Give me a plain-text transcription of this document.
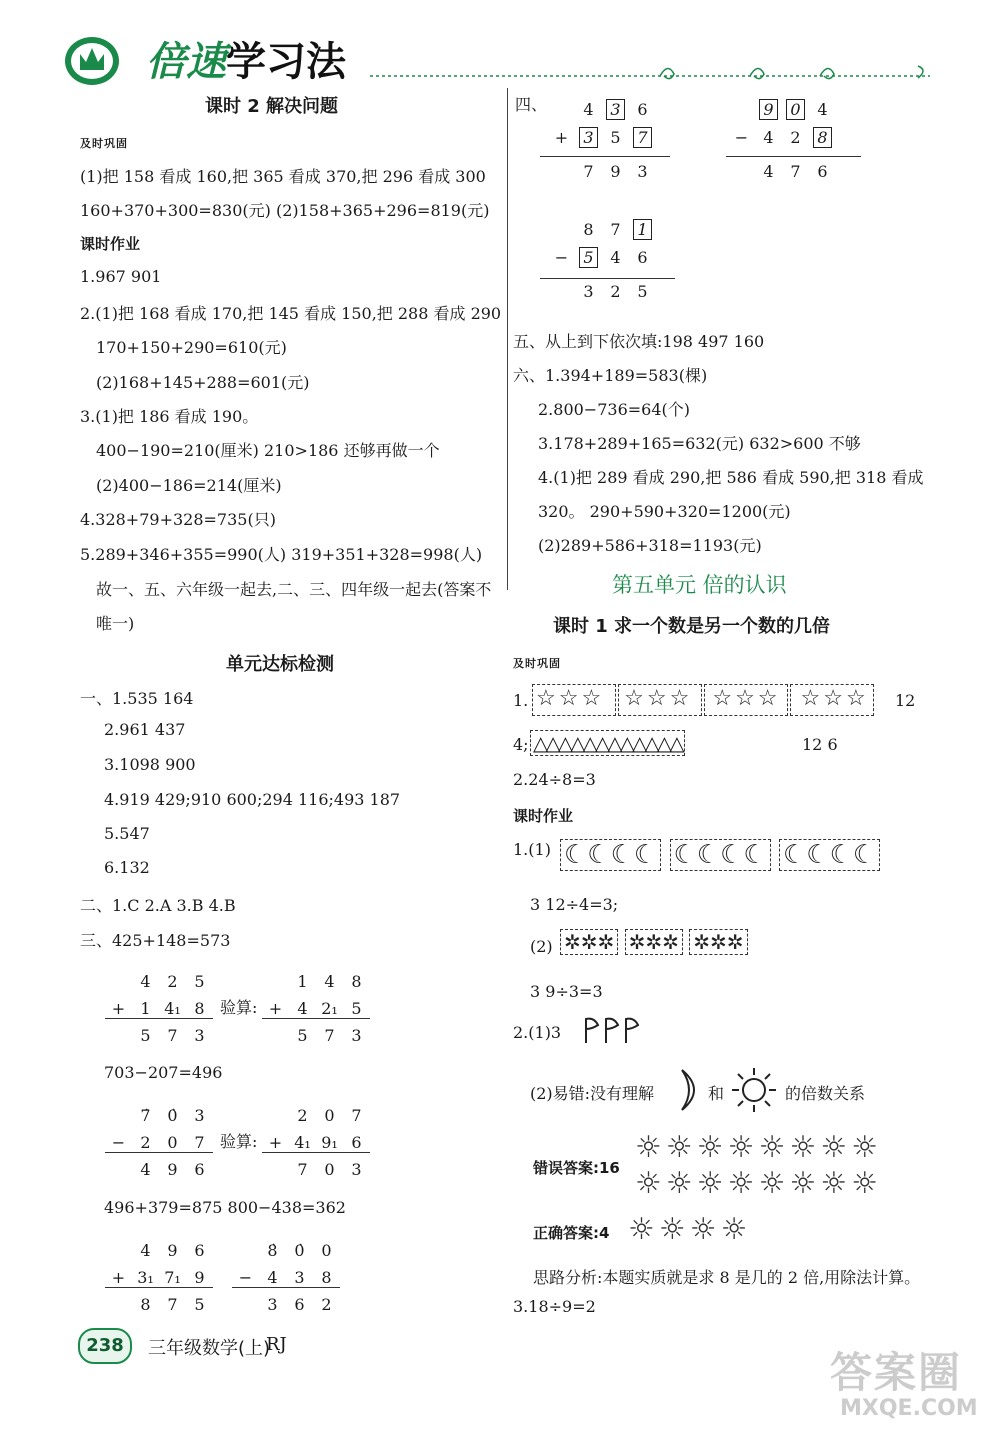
倍速学习法
课时 2 解决问题
及时巩固
(1)把 158 看成 160,把 365 看成 370,把 296 看成 300
160+370+300=830(元) (2)158+365+296=819(元)
课时作业
1.967 901
2.(1)把 168 看成 170,把 145 看成 150,把 288 看成 290
170+150+290=610(元)
(2)168+145+288=601(元)
3.(1)把 186 看成 190。
400−190=210(厘米) 210>186 还够再做一个
(2)400−186=214(厘米)
4.328+79+328=735(只)
5.289+346+355=990(人) 319+351+328=998(人)
故一、五、六年级一起去,二、三、四年级一起去(答案不
唯一)
单元达标检测
一、1.535 164
2.961 437
3.1098 900
4.919 429;910 600;294 116;493 187
5.547
6.132
二、1.C 2.A 3.B 4.B
三、425+148=573
4 2 5
+ 1 4₁ 8
5 7 3
验算:
1 4 8
+ 4 2₁ 5
5 7 3
703−207=496
7̇ 0̇ 3
− 2 0 7
4 9 6
验算:
2 0 7
+ 4₁ 9₁ 6
7 0 3
496+379=875 800−438=362
4 9 6
+ 3₁ 7₁ 9
8 7 5
8̇ 0̇ 0
− 4 3 8
3 6 2
四、	4 3 6
+ 3 5 7
7 9 3
9 0 4
− 4 2 8
4 7 6
8 7 1
− 5 4 6
3 2 5
五、从上到下依次填:198 497 160
六、1.394+189=583(棵)
2.800−736=64(个)
3.178+289+165=632(元) 632>600 不够
4.(1)把 289 看成 290,把 586 看成 590,把 318 看成
320。 290+590+320=1200(元)
(2)289+586+318=1193(元)
第五单元 倍的认识
课时 1 求一个数是另一个数的几倍
及时巩固
1. ☆☆☆ ☆☆☆ ☆☆☆ ☆☆☆ 12
4; △△△△△△△△△△△△	12 6
2.24÷8=3
课时作业
1.(1) ☾☾☾☾ ☾☾☾☾ ☾☾☾☾
3 12÷4=3;
(2) ✲✲✲ ✲✲✲ ✲✲✲
3 9÷3=3
2.(1)3
(2)易错:没有理解	和	的倍数关系
错误答案:16
☼☼☼☼☼☼☼☼
☼☼☼☼☼☼☼☼
正确答案:4 ☼☼☼☼
思路分析:本题实质就是求 8 是几的 2 倍,用除法计算。
3.18÷9=2
238	三年级数学(上)
RJ
答案圈
MXQE.COM
